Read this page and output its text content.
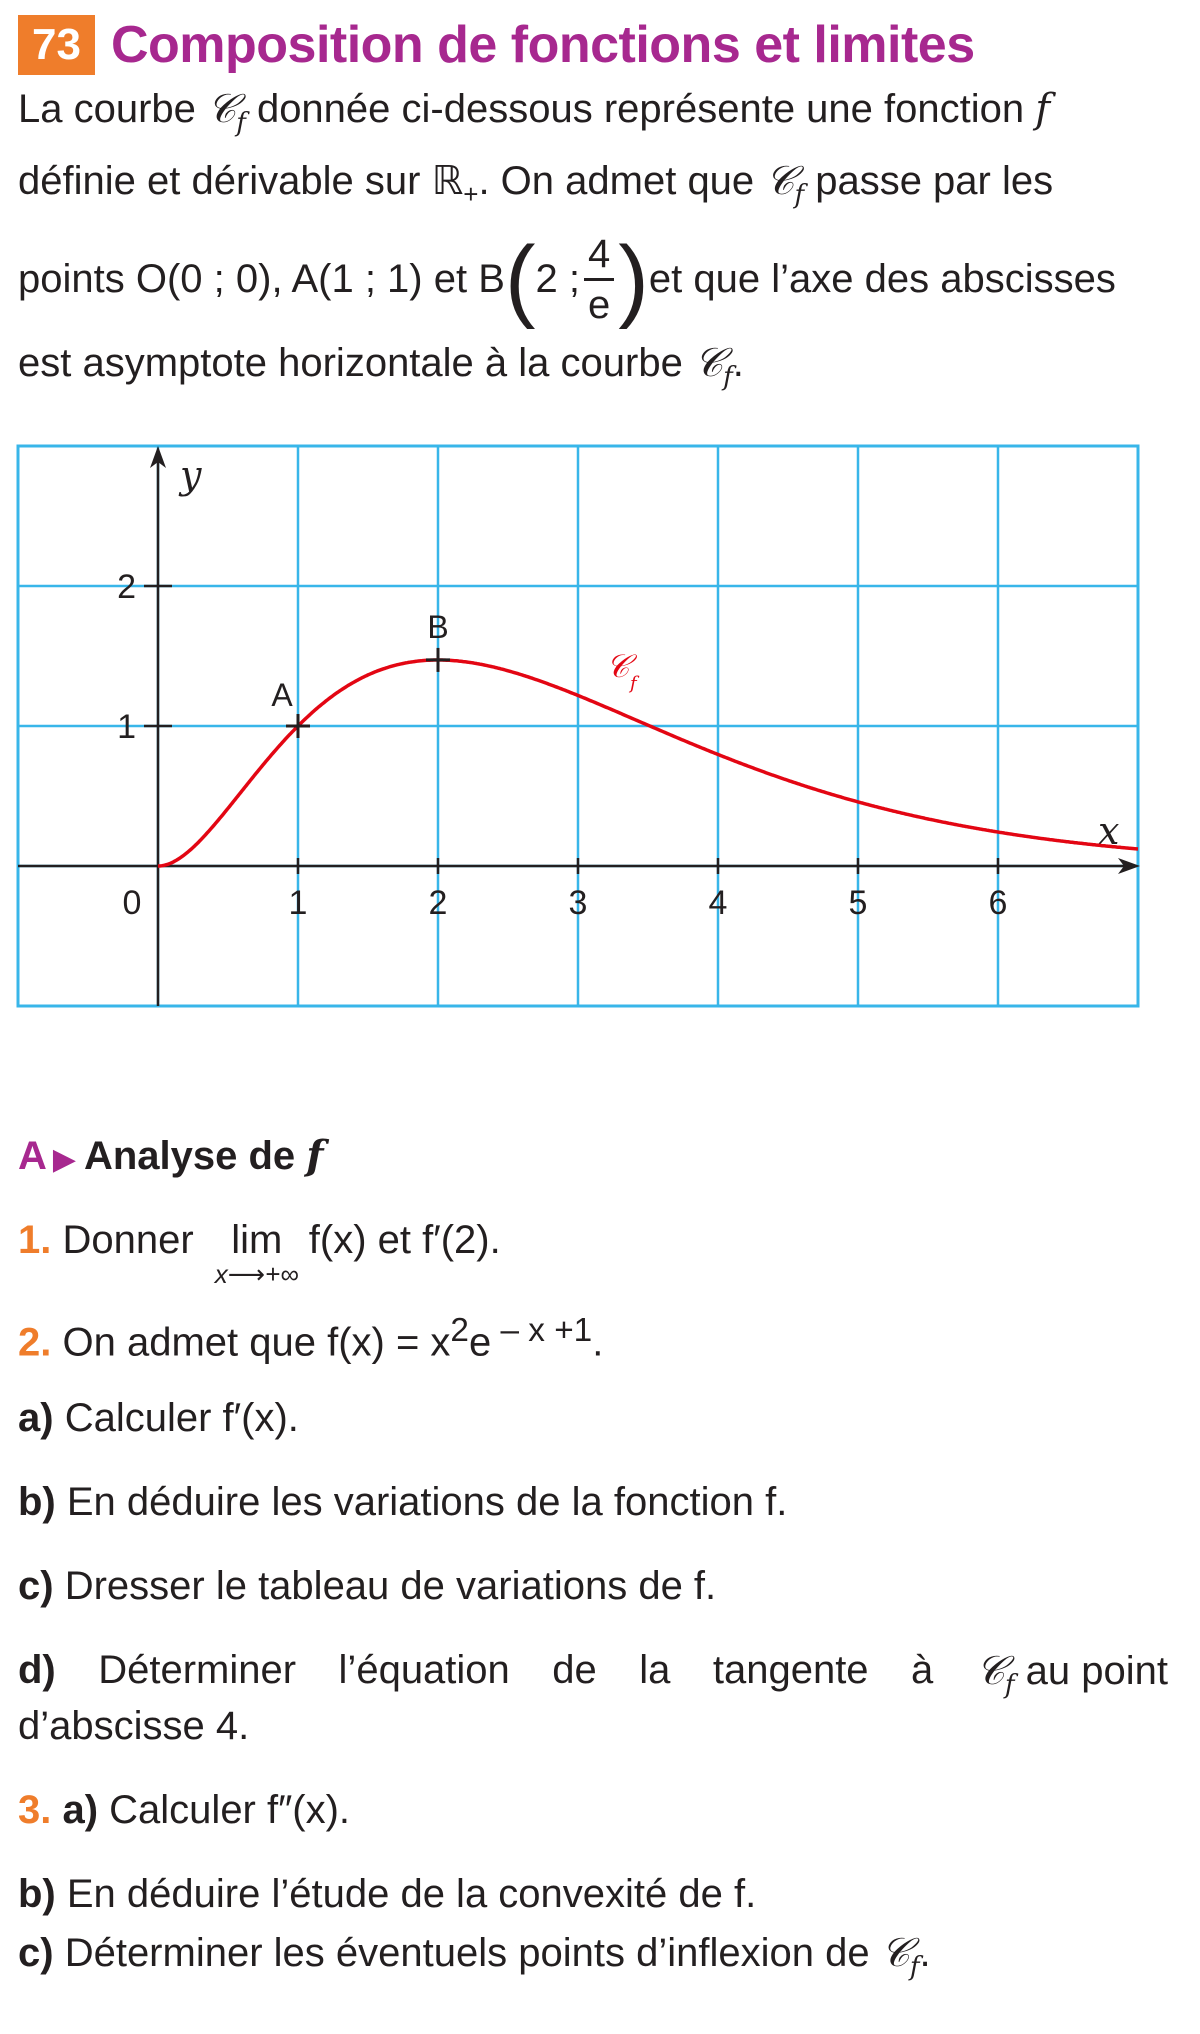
73 Composition de fonctions et limites
La courbe 𝒞$_f$ donnée ci-dessous représente une fonction f
définie et dérivable sur ℝ$_+$. On admet que 𝒞$_f$ passe par les
points O(0 ; 0), A(1 ; 1) et B ( 2 ; $\frac{4}{e}$ ) et que l’axe des abscisses
est asymptote horizontale à la courbe 𝒞$_f$.
y
x
0	1	2	3	4	5	6
1
2
𝒞 f
A
B
A ▶ Analyse de f
1. Donner lim
x⟶+∞
f(x) et f′(2).
2. On admet que $f(x) = x^2e$ $^{- x +1}$.
a) Calculer f′(x).
b) En déduire les variations de la fonction f.
c) Dresser le tableau de variations de f.
d) Déterminer l’équation de la tangente à 𝒞$_f$ au point
d’abscisse 4.
3. a) Calculer f″(x).
b) En déduire l’étude de la convexité de f.
c) Déterminer les éventuels points d’inflexion de 𝒞$_f$.
